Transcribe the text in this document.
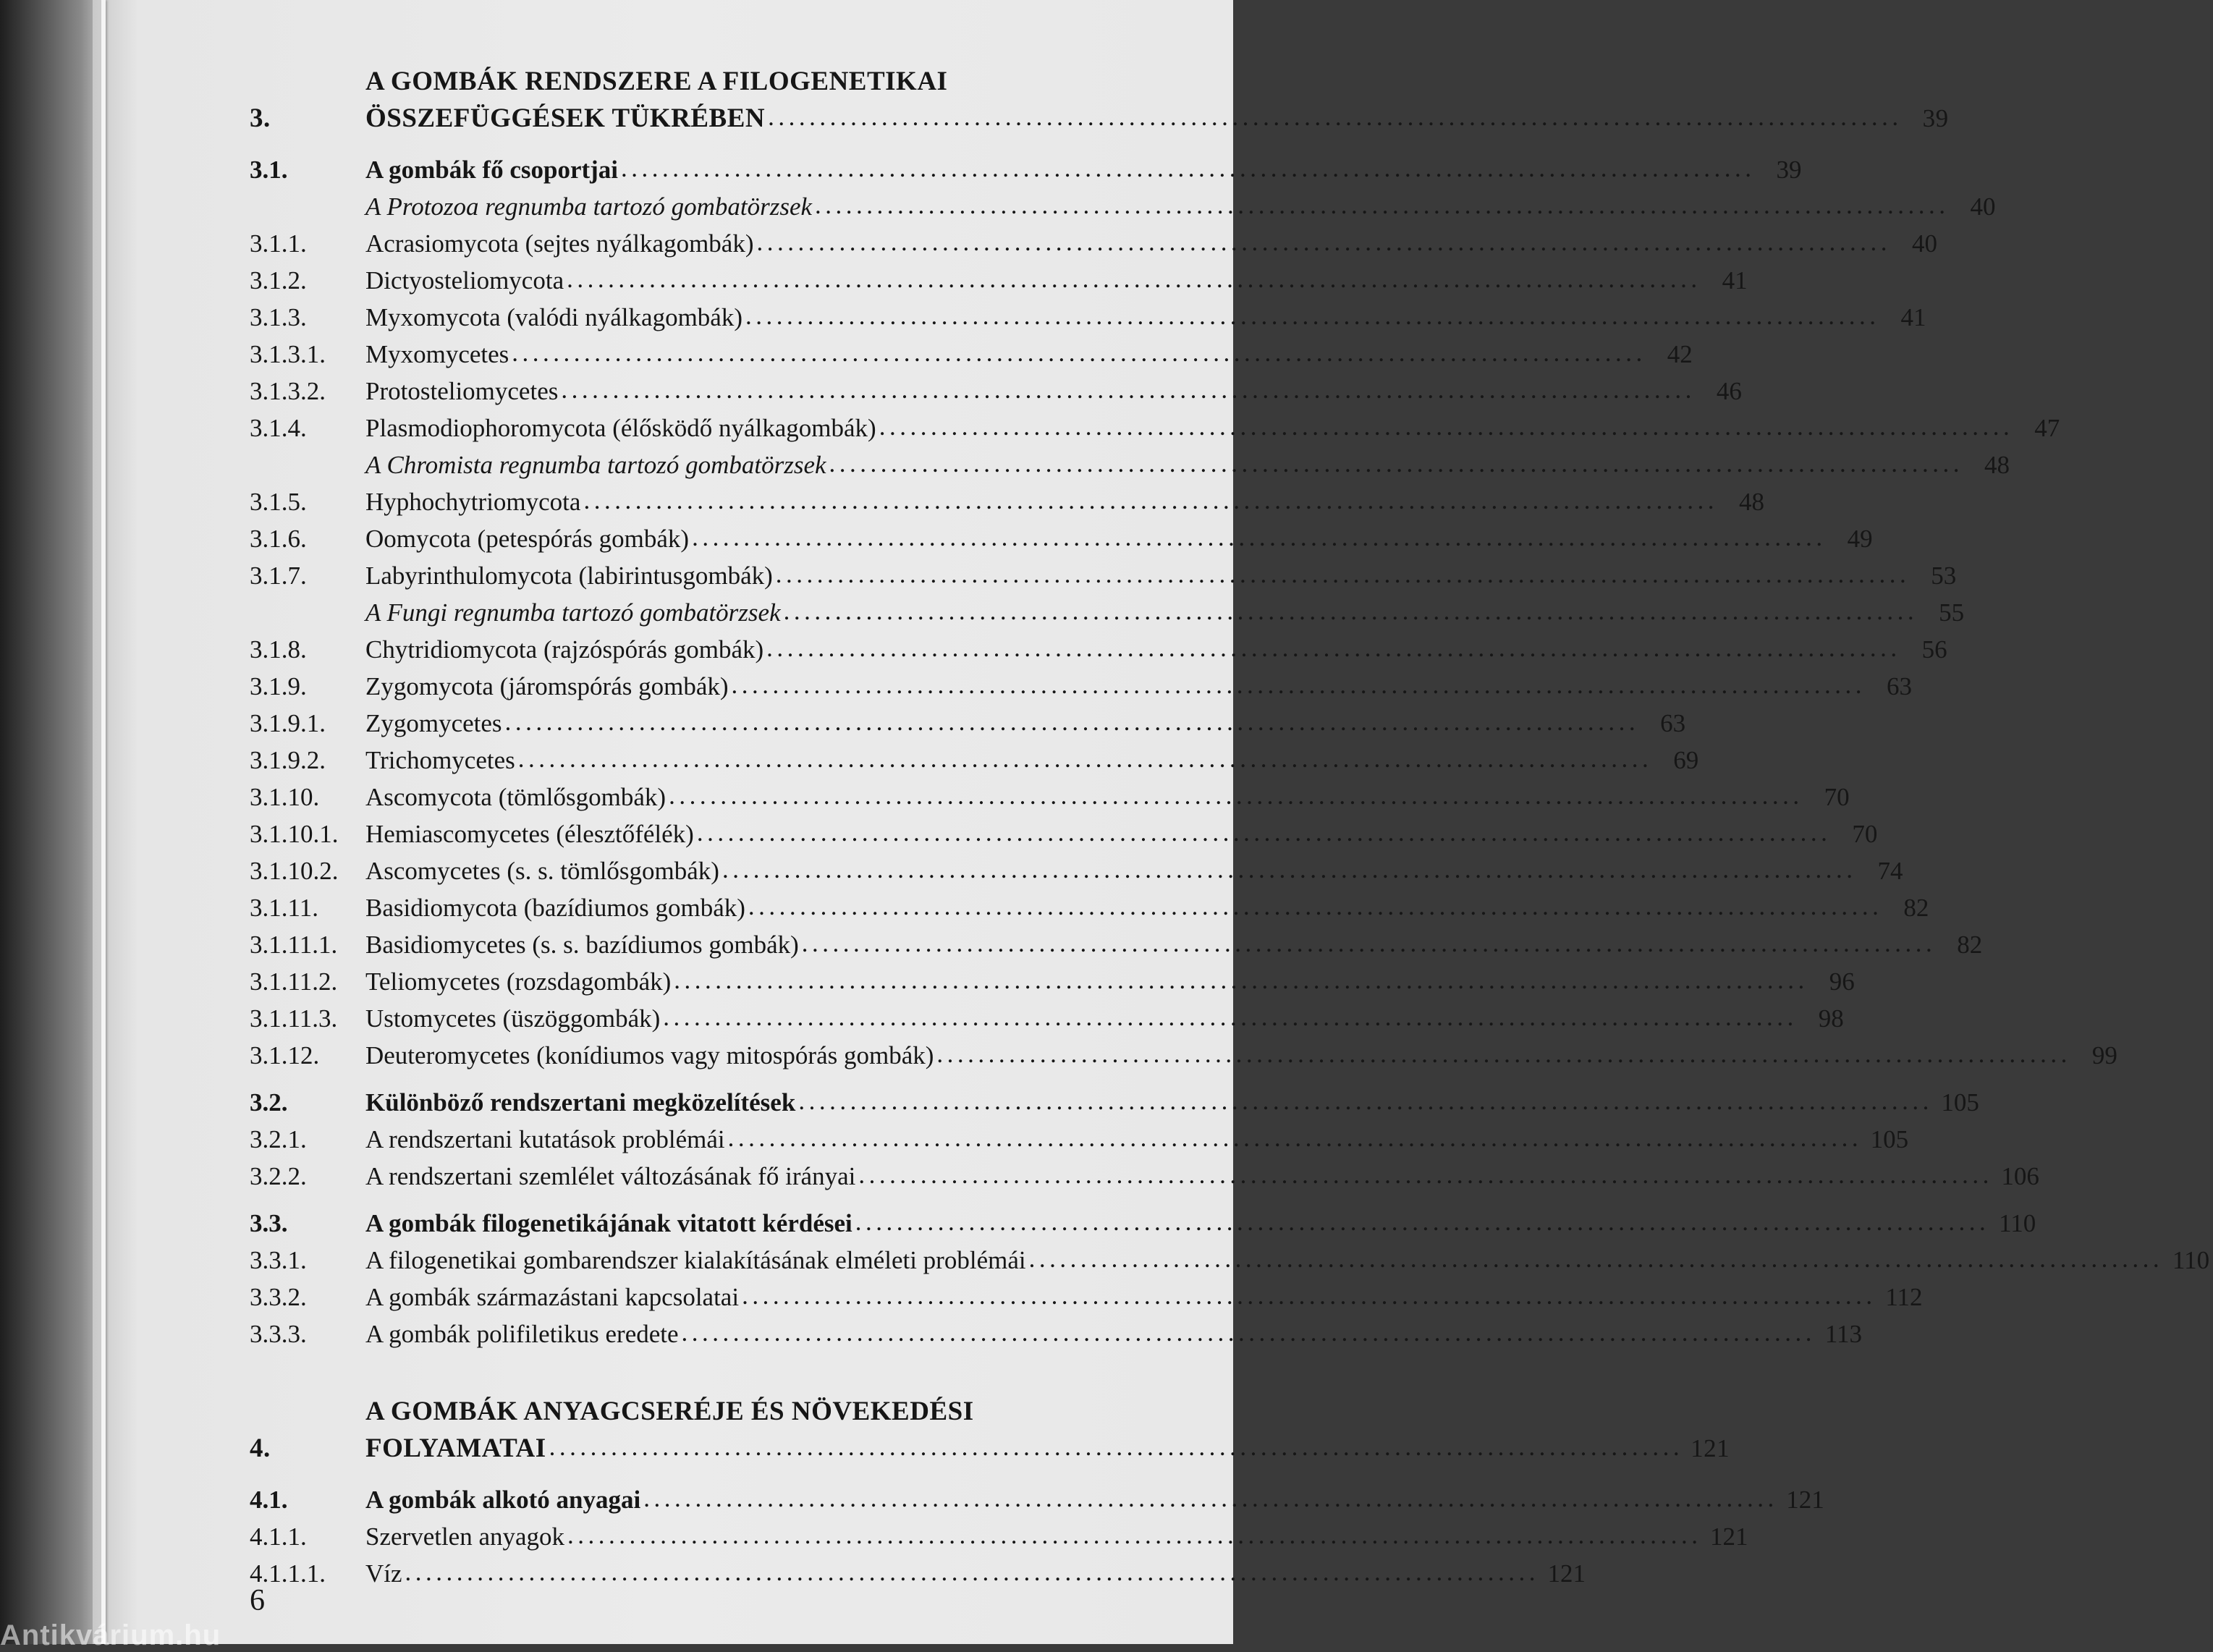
3.
A GOMBÁK RENDSZERE A FILOGENETIKAI
ÖSSZEFÜGGÉSEK TÜKRÉBEN .............................................................................................................. 39
3.1.	A gombák fő csoportjai .............................................................................................................. 39
A Protozoa regnumba tartozó gombatörzsek .............................................................................................................. 40
3.1.1.	Acrasiomycota (sejtes nyálkagombák) .............................................................................................................. 40
3.1.2.	Dictyosteliomycota .............................................................................................................. 41
3.1.3.	Myxomycota (valódi nyálkagombák) .............................................................................................................. 41
3.1.3.1.	Myxomycetes .............................................................................................................. 42
3.1.3.2.	Protosteliomycetes .............................................................................................................. 46
3.1.4.	Plasmodiophoromycota (élősködő nyálkagombák) .............................................................................................................. 47
A Chromista regnumba tartozó gombatörzsek .............................................................................................................. 48
3.1.5.	Hyphochytriomycota .............................................................................................................. 48
3.1.6.	Oomycota (petespórás gombák) .............................................................................................................. 49
3.1.7.	Labyrinthulomycota (labirintusgombák) .............................................................................................................. 53
A Fungi regnumba tartozó gombatörzsek .............................................................................................................. 55
3.1.8.	Chytridiomycota (rajzóspórás gombák) .............................................................................................................. 56
3.1.9.	Zygomycota (járomspórás gombák) .............................................................................................................. 63
3.1.9.1.	Zygomycetes .............................................................................................................. 63
3.1.9.2.	Trichomycetes .............................................................................................................. 69
3.1.10.	Ascomycota (tömlősgombák) .............................................................................................................. 70
3.1.10.1.	Hemiascomycetes (élesztőfélék) .............................................................................................................. 70
3.1.10.2.	Ascomycetes (s. s. tömlősgombák) .............................................................................................................. 74
3.1.11.	Basidiomycota (bazídiumos gombák) .............................................................................................................. 82
3.1.11.1.	Basidiomycetes (s. s. bazídiumos gombák) .............................................................................................................. 82
3.1.11.2.	Teliomycetes (rozsdagombák) .............................................................................................................. 96
3.1.11.3.	Ustomycetes (üszöggombák) .............................................................................................................. 98
3.1.12.	Deuteromycetes (konídiumos vagy mitospórás gombák) .............................................................................................................. 99
3.2.	Különböző rendszertani megközelítések .............................................................................................................. 105
3.2.1.	A rendszertani kutatások problémái .............................................................................................................. 105
3.2.2.	A rendszertani szemlélet változásának fő irányai .............................................................................................................. 106
3.3.	A gombák filogenetikájának vitatott kérdései .............................................................................................................. 110
3.3.1.	A filogenetikai gombarendszer kialakításának elméleti problémái .............................................................................................................. 110
3.3.2.	A gombák származástani kapcsolatai .............................................................................................................. 112
3.3.3.	A gombák polifiletikus eredete .............................................................................................................. 113
4.
A GOMBÁK ANYAGCSERÉJE ÉS NÖVEKEDÉSI
FOLYAMATAI .............................................................................................................. 121
4.1.	A gombák alkotó anyagai .............................................................................................................. 121
4.1.1.	Szervetlen anyagok .............................................................................................................. 121
4.1.1.1.	Víz .............................................................................................................. 121
6
Antikvárium.hu
